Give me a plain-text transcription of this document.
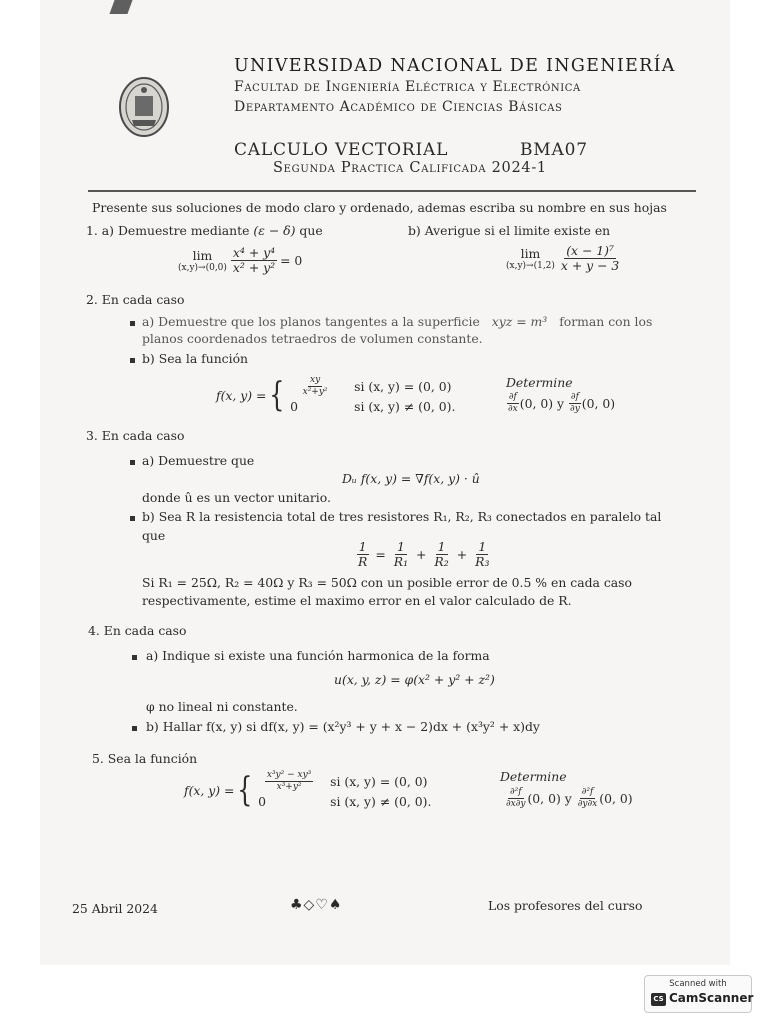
UNIVERSIDAD NACIONAL DE INGENIERÍA
Facultad de Ingeniería Eléctrica y Electrónica
Departamento Académico de Ciencias Básicas
CALCULO VECTORIAL	BMA07
Segunda Practica Calificada 2024-1
Presente sus soluciones de modo claro y ordenado, ademas escriba su nombre en sus hojas
1. a) Demuestre mediante (ε − δ) que
lim
$(x,y)\to(0,0) \frac{\text{x⁴ + y⁴}}{\text{x² + y²}} = 0$
b) Averigue si el limite existe en
lim
$(x,y)\to(1,2) \frac{\text{(x − 1)⁷}}{x + y - 3}$
2. En cada caso
a) Demuestre que los planos tangentes a la superficie xyz = m³ forman con los
planos coordenados tetraedros de volumen constante.
b) Sea la función
f(x, y) = { $\frac{xy}{\text{x²+y²}}$ si (x, y) = (0, 0)
0	si (x, y) ≠ (0, 0).
Determine
$\frac{\partial f}{\partial x} (0$, 0) y $\frac{\partial f}{\partial y} (0$, 0)
3. En cada caso
a) Demuestre que
Dᵤ f(x, y) = ∇f(x, y) · û
donde û es un vector unitario.
b) Sea R la resistencia total de tres resistores R₁, R₂, R₃ conectados en paralelo tal
que
$\frac{1}{R} = \frac{1}{\text{R₁}} + \frac{1}{\text{R₂}} + \frac{1}{\text{R₃}}$
Si R₁ = 25Ω, R₂ = 40Ω y R₃ = 50Ω con un posible error de 0.5 % en cada caso
respectivamente, estime el maximo error en el valor calculado de R.
4. En cada caso
a) Indique si existe una función harmonica de la forma
u(x, y, z) = φ(x² + y² + z²)
φ no lineal ni constante.
b) Hallar f(x, y) si df(x, y) = (x²y³ + y + x − 2)dx + (x³y² + x)dy
5. Sea la función
f(x, y) = { $\frac{\text{x³y² − xy³}}{\text{x³+y²}}$ si (x, y) = (0, 0)
0	si (x, y) ≠ (0, 0).
Determine
$\frac{\text{∂²f}}{\partial x\partial y} (0$, 0) y $\frac{\text{∂²f}}{\partial y\partial x} (0$, 0)
25 Abril 2024	♣◇♡♠	Los profesores del curso
Scanned with
CS CamScanner
